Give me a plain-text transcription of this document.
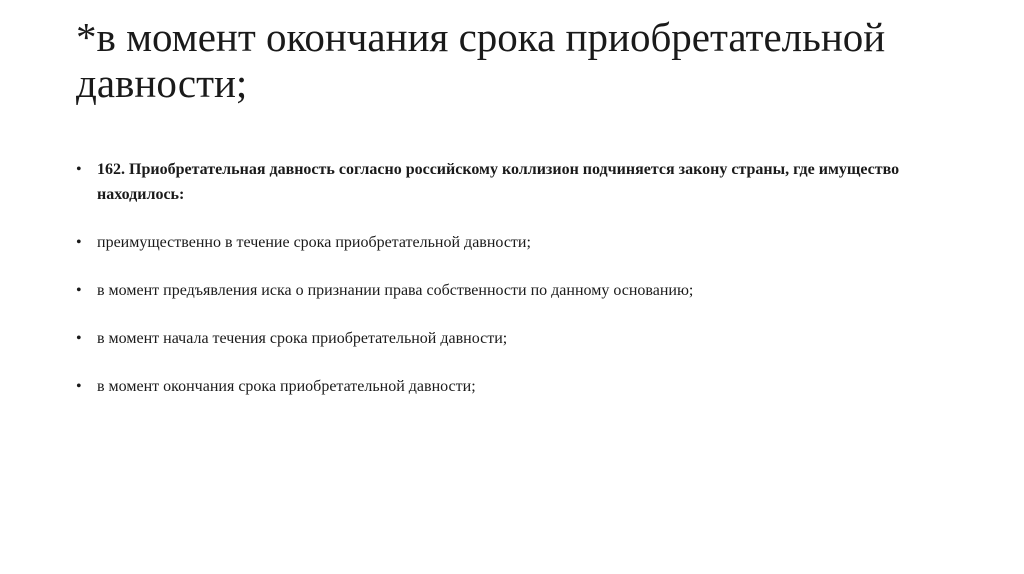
*в момент окончания срока приобретательной давности;
• 162. Приобретательная давность согласно российскому коллизион подчиняется закону страны, где имущество находилось:
• преимущественно в течение срока приобретательной давности;
• в момент предъявления иска о признании права собственности по данному основанию;
• в момент начала течения срока приобретательной давности;
• в момент окончания срока приобретательной давности;
